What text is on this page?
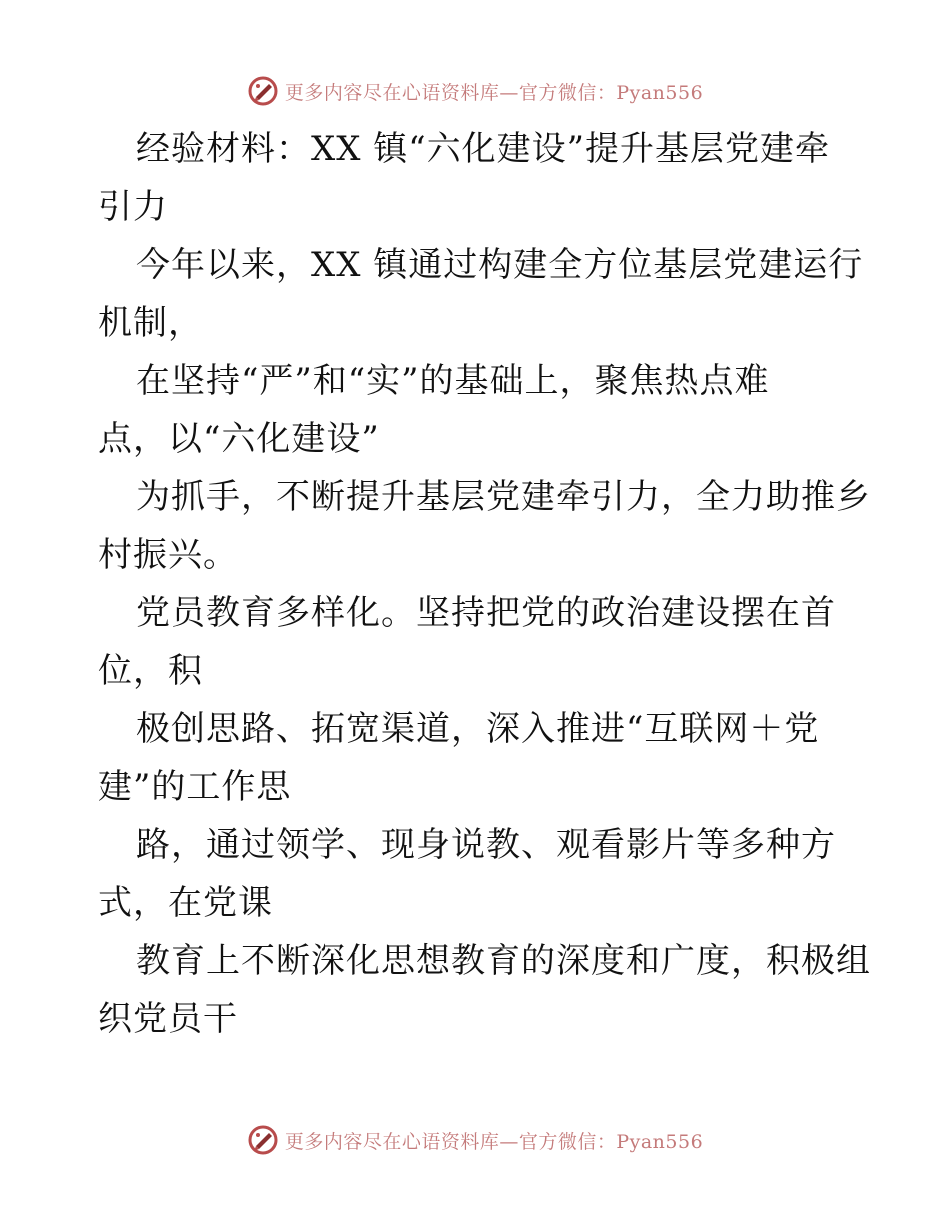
更多内容尽在心语资料库—官方微信：Pyan556
经验材料：XX 镇“六化建设”提升基层党建牵
引力
今年以来，XX 镇通过构建全方位基层党建运行
机制，
在坚持“严”和“实”的基础上，聚焦热点难
点，以“六化建设”
为抓手，不断提升基层党建牵引力，全力助推乡
村振兴。
党员教育多样化。坚持把党的政治建设摆在首
位，积
极创思路、拓宽渠道，深入推进“互联网＋党
建”的工作思
路，通过领学、现身说教、观看影片等多种方
式，在党课
教育上不断深化思想教育的深度和广度，积极组
织党员干
更多内容尽在心语资料库—官方微信：Pyan556
